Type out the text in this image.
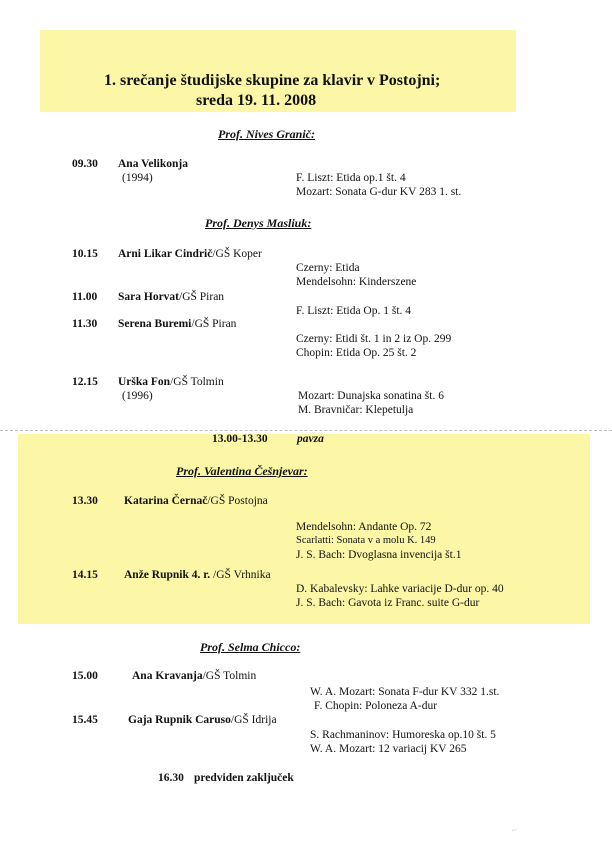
1. srečanje študijske skupine za klavir v Postojni;
sreda 19. 11. 2008
Prof. Nives Granič:
09.30 Ana Velikonja
(1994)	F. Liszt: Etida op.1 št. 4
Mozart: Sonata G-dur KV 283 1. st.
Prof. Denys Masliuk:
10.15 Arni Likar Cindrič/GŠ Koper
Czerny: Etida
Mendelsohn: Kinderszene
11.00 Sara Horvat/GŠ Piran
F. Liszt: Etida Op. 1 št. 4
11.30 Serena Buremi/GŠ Piran
Czerny: Etidi št. 1 in 2 iz Op. 299
Chopin: Etida Op. 25 št. 2
12.15 Urška Fon/GŠ Tolmin
(1996)	Mozart: Dunajska sonatina št. 6
M. Bravničar: Klepetulja
13.00-13.30	pavza
Prof. Valentina Češnjevar:
13.30 Katarina Černač/GŠ Postojna
Mendelsohn: Andante Op. 72
Scarlatti: Sonata v a molu K. 149
J. S. Bach: Dvoglasna invencija št.1
14.15 Anže Rupnik 4. r. /GŠ Vrhnika
D. Kabalevsky: Lahke variacije D-dur op. 40
J. S. Bach: Gavota iz Franc. suite G-dur
Prof. Selma Chicco:
15.00	Ana Kravanja/GŠ Tolmin
W. A. Mozart: Sonata F-dur KV 332 1.st.
F. Chopin: Poloneza A-dur
15.45	Gaja Rupnik Caruso/GŠ Idrija
S. Rachmaninov: Humoreska op.10 št. 5
W. A. Mozart: 12 variacij KV 265
16.30 predviden zaključek
~
